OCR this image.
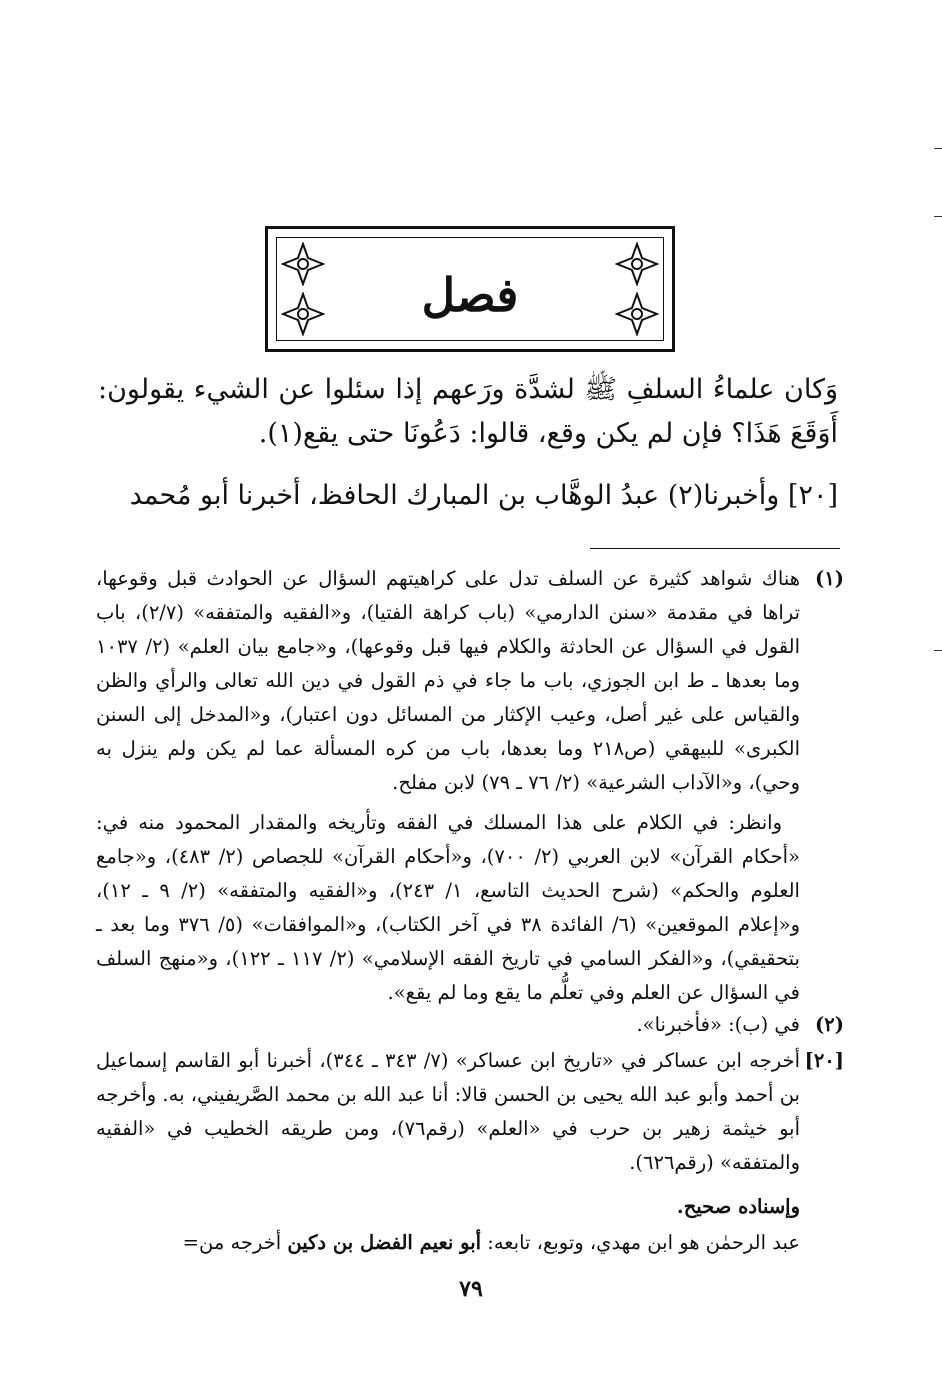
فصل
وَكان علماءُ السلفِ ﷺ لشدَّة ورَعهم إذا سئلوا عن الشيء يقولون: أَوَقَعَ هَذَا؟ فإن لم يكن وقع، قالوا: دَعُونَا حتى يقع(١).
[٢٠] وأخبرنا(٢) عبدُ الوهَّاب بن المبارك الحافظ، أخبرنا أبو مُحمد
(١)
هناك شواهد كثيرة عن السلف تدل على كراهيتهم السؤال عن الحوادث قبل وقوعها، تراها في مقدمة «سنن الدارمي» (باب كراهة الفتيا)، و«الفقيه والمتفقه» (٢/٧)، باب القول في السؤال عن الحادثة والكلام فيها قبل وقوعها)، و«جامع بيان العلم» (٢/ ١٠٣٧ وما بعدها ـ ط ابن الجوزي، باب ما جاء في ذم القول في دين الله تعالى والرأي والظن والقياس على غير أصل، وعيب الإكثار من المسائل دون اعتبار)، و«المدخل إلى السنن الكبرى» للبيهقي (ص٢١٨ وما بعدها، باب من كره المسألة عما لم يكن ولم ينزل به وحي)، و«الآداب الشرعية» (٢/ ٧٦ ـ ٧٩) لابن مفلح.
وانظر: في الكلام على هذا المسلك في الفقه وتأريخه والمقدار المحمود منه في: «أحكام القرآن» لابن العربي (٢/ ٧٠٠)، و«أحكام القرآن» للجصاص (٢/ ٤٨٣)، و«جامع العلوم والحكم» (شرح الحديث التاسع، ١/ ٢٤٣)، و«الفقيه والمتفقه» (٢/ ٩ ـ ١٢)، و«إعلام الموقعين» (٦/ الفائدة ٣٨ في آخر الكتاب)، و«الموافقات» (٥/ ٣٧٦ وما بعد ـ بتحقيقي)، و«الفكر السامي في تاريخ الفقه الإسلامي» (٢/ ١١٧ ـ ١٢٢)، و«منهج السلف في السؤال عن العلم وفي تعلُّم ما يقع وما لم يقع».
(٢)
في (ب): «فأخبرنا».
[٢٠]
أخرجه ابن عساكر في «تاريخ ابن عساكر» (٧/ ٣٤٣ ـ ٣٤٤)، أخبرنا أبو القاسم إسماعيل بن أحمد وأبو عبد الله يحيى بن الحسن قالا: أنا عبد الله بن محمد الصَّريفيني، به. وأخرجه أبو خيثمة زهير بن حرب في «العلم» (رقم٧٦)، ومن طريقه الخطيب في «الفقيه والمتفقه» (رقم٦٢٦).
وإسناده صحيح.
عبد الرحمٰن هو ابن مهدي، وتوبع، تابعه: أبو نعيم الفضل بن دكين أخرجه من=
٧٩
